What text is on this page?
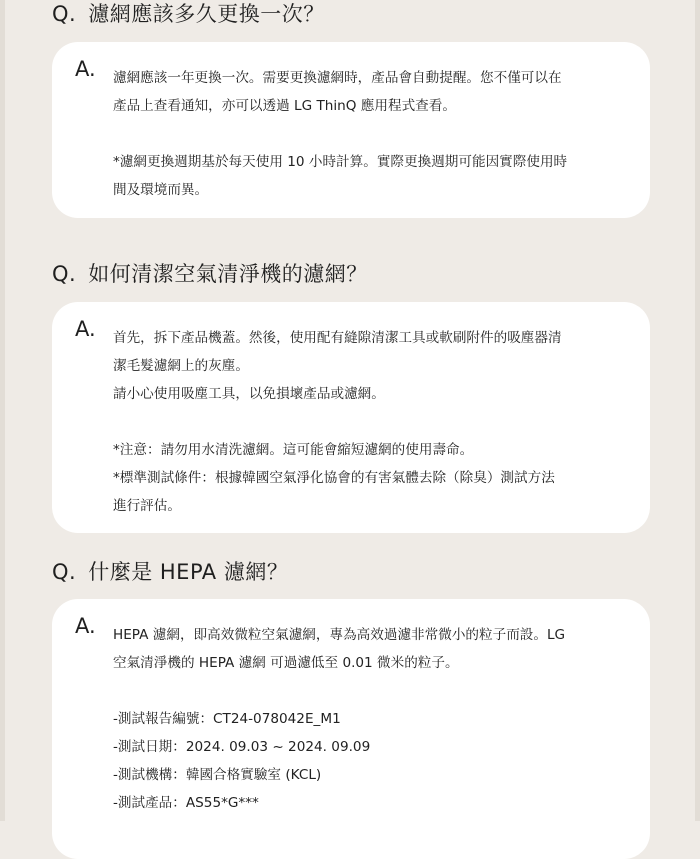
Q. 濾網應該多久更換一次？
A. 濾網應該一年更換一次。需要更換濾網時，產品會自動提醒。您不僅可以在

產品上查看通知，亦可以透過 LG ThinQ 應用程式查看。

*濾網更換週期基於每天使用 10 小時計算。實際更換週期可能因實際使用時

間及環境而異。

Q. 如何清潔空氣清淨機的濾網？
A. 首先，拆下產品機蓋。然後，使用配有縫隙清潔工具或軟刷附件的吸塵器清

潔毛髮濾網上的灰塵。

請小心使用吸塵工具，以免損壞產品或濾網。

*注意：請勿用水清洗濾網。這可能會縮短濾網的使用壽命。

*標準測試條件：根據韓國空氣淨化協會的有害氣體去除（除臭）測試方法

進行評估。

Q. 什麼是 HEPA 濾網？
A. HEPA 濾網，即高效微粒空氣濾網，專為高效過濾非常微小的粒子而設。LG

空氣清淨機的 HEPA 濾網 可過濾低至 0.01 微米的粒子。

-測試報告編號：CT24-078042E_M1

-測試日期：2024. 09.03 ~ 2024. 09.09

-測試機構：韓國合格實驗室 (KCL)

-測試產品：AS55*G***
